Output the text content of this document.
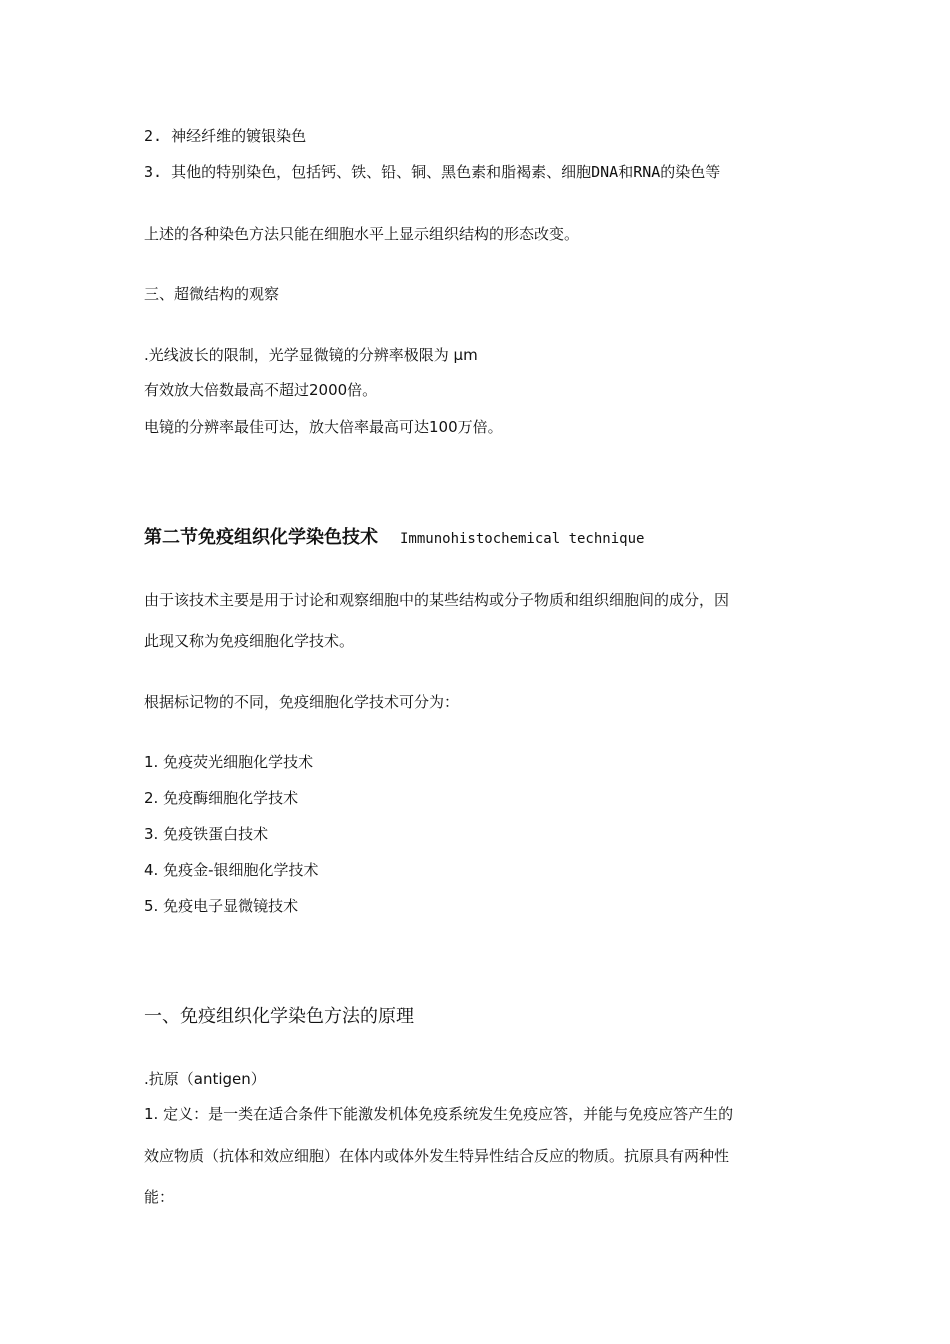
2. 神经纤维的镀银染色
3. 其他的特别染色，包括钙、铁、铅、铜、黑色素和脂褐素、细胞DNA和RNA的染色等
上述的各种染色方法只能在细胞水平上显示组织结构的形态改变。
三、超微结构的观察
.光线波长的限制，光学显微镜的分辨率极限为 μm
有效放大倍数最高不超过2000倍。
电镜的分辨率最佳可达，放大倍率最高可达100万倍。
第二节免疫组织化学染色技术 Immunohistochemical technique
由于该技术主要是用于讨论和观察细胞中的某些结构或分子物质和组织细胞间的成分，因
此现又称为免疫细胞化学技术。
根据标记物的不同，免疫细胞化学技术可分为：
1. 免疫荧光细胞化学技术
2. 免疫酶细胞化学技术
3. 免疫铁蛋白技术
4. 免疫金-银细胞化学技术
5. 免疫电子显微镜技术
一、免疫组织化学染色方法的原理
.抗原（antigen）
1. 定义：是一类在适合条件下能激发机体免疫系统发生免疫应答，并能与免疫应答产生的
效应物质（抗体和效应细胞）在体内或体外发生特异性结合反应的物质。抗原具有两种性
能：
